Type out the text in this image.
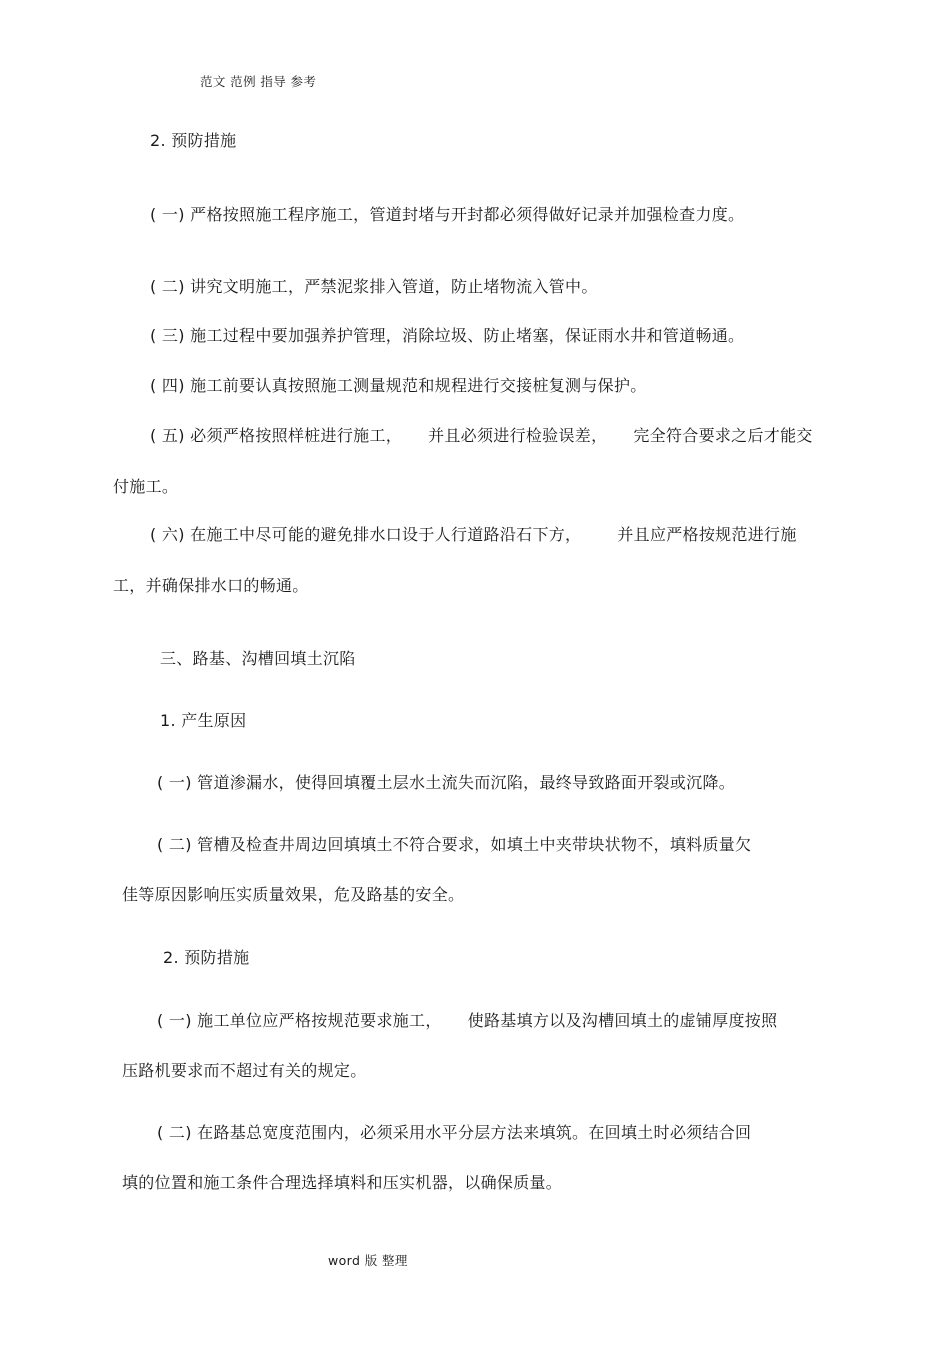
范文 范例 指导 参考
2. 预防措施
( 一) 严格按照施工程序施工，管道封堵与开封都必须得做好记录并加强检查力度。
( 二) 讲究文明施工，严禁泥浆排入管道，防止堵物流入管中。
( 三) 施工过程中要加强养护管理，消除垃圾、防止堵塞，保证雨水井和管道畅通。
( 四) 施工前要认真按照施工测量规范和规程进行交接桩复测与保护。
( 五) 必须严格按照样桩进行施工， 并且必须进行检验误差， 完全符合要求之后才能交
付施工。
( 六) 在施工中尽可能的避免排水口设于人行道路沿石下方， 并且应严格按规范进行施
工，并确保排水口的畅通。
三、路基、沟槽回填土沉陷
1. 产生原因
( 一) 管道渗漏水，使得回填覆土层水土流失而沉陷，最终导致路面开裂或沉降。
( 二) 管槽及检查井周边回填填土不符合要求，如填土中夹带块状物不，填料质量欠
佳等原因影响压实质量效果，危及路基的安全。
2. 预防措施
( 一) 施工单位应严格按规范要求施工， 使路基填方以及沟槽回填土的虚铺厚度按照
压路机要求而不超过有关的规定。
( 二) 在路基总宽度范围内，必须采用水平分层方法来填筑。在回填土时必须结合回
填的位置和施工条件合理选择填料和压实机器，以确保质量。
word 版 整理
